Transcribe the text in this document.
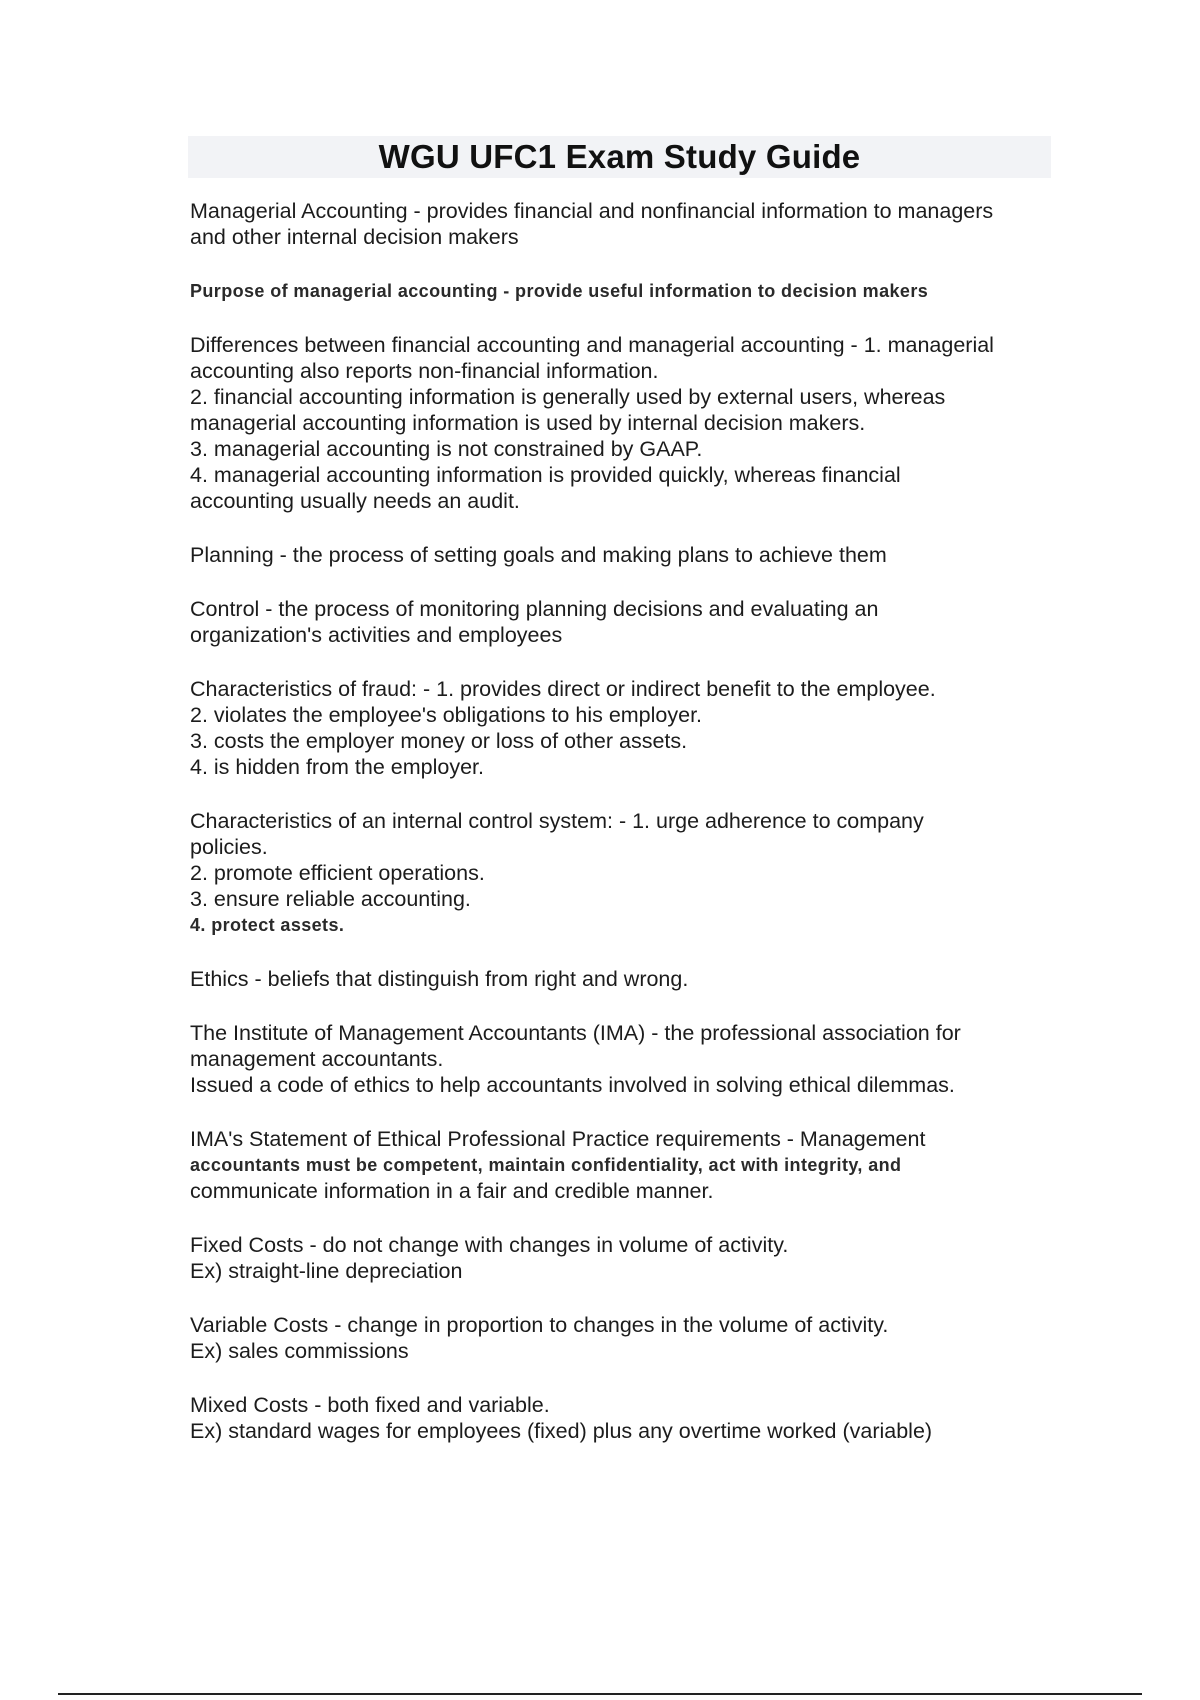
WGU UFC1 Exam Study Guide
Managerial Accounting - provides financial and nonfinancial information to managers
and other internal decision makers
Purpose of managerial accounting - provide useful information to decision makers
Differences between financial accounting and managerial accounting - 1. managerial
accounting also reports non-financial information.
2. financial accounting information is generally used by external users, whereas
managerial accounting information is used by internal decision makers.
3. managerial accounting is not constrained by GAAP.
4. managerial accounting information is provided quickly, whereas financial
accounting usually needs an audit.
Planning - the process of setting goals and making plans to achieve them
Control - the process of monitoring planning decisions and evaluating an
organization's activities and employees
Characteristics of fraud: - 1. provides direct or indirect benefit to the employee.
2. violates the employee's obligations to his employer.
3. costs the employer money or loss of other assets.
4. is hidden from the employer.
Characteristics of an internal control system: - 1. urge adherence to company
policies.
2. promote efficient operations.
3. ensure reliable accounting.
4. protect assets.
Ethics - beliefs that distinguish from right and wrong.
The Institute of Management Accountants (IMA) - the professional association for
management accountants.
Issued a code of ethics to help accountants involved in solving ethical dilemmas.
IMA's Statement of Ethical Professional Practice requirements - Management
accountants must be competent, maintain confidentiality, act with integrity, and
communicate information in a fair and credible manner.
Fixed Costs - do not change with changes in volume of activity.
Ex) straight-line depreciation
Variable Costs - change in proportion to changes in the volume of activity.
Ex) sales commissions
Mixed Costs - both fixed and variable.
Ex) standard wages for employees (fixed) plus any overtime worked (variable)
